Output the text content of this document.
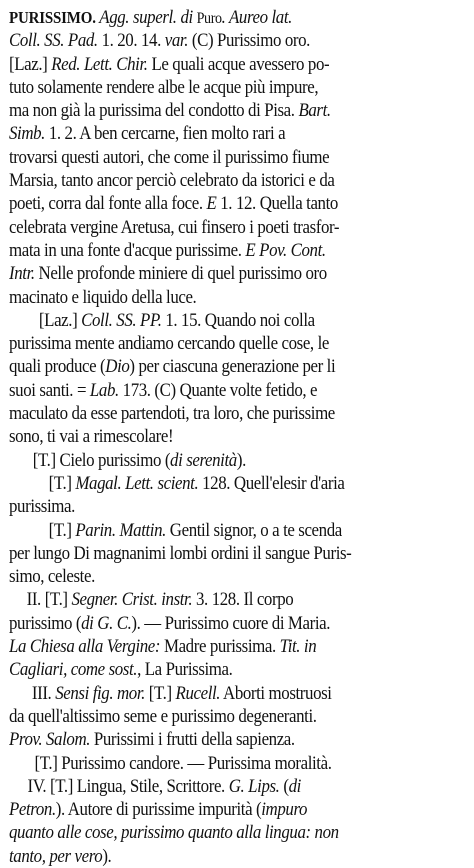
PURISSIMO. Agg. superl. di Puro. Aureo lat.
Coll. SS. Pad. 1. 20. 14. var. (C) Purissimo oro.
[Laz.] Red. Lett. Chir. Le quali acque avessero po-
tuto solamente rendere albe le acque più impure,
ma non già la purissima del condotto di Pisa. Bart.
Simb. 1. 2. A ben cercarne, fien molto rari a
trovarsi questi autori, che come il purissimo fiume
Marsia, tanto ancor perciò celebrato da istorici e da
poeti, corra dal fonte alla foce. E 1. 12. Quella tanto
celebrata vergine Aretusa, cui finsero i poeti trasfor-
mata in una fonte d'acque purissime. E Pov. Cont.
Intr. Nelle profonde miniere di quel purissimo oro
macinato e liquido della luce.
[Laz.] Coll. SS. PP. 1. 15. Quando noi colla
purissima mente andiamo cercando quelle cose, le
quali produce (Dio) per ciascuna generazione per li
suoi santi. = Lab. 173. (C) Quante volte fetido, e
maculato da esse partendoti, tra loro, che purissime
sono, ti vai a rimescolare!
[T.] Cielo purissimo (di serenità).
[T.] Magal. Lett. scient. 128. Quell'elesir d'aria
purissima.
[T.] Parin. Mattin. Gentil signor, o a te scenda
per lungo Di magnanimi lombi ordini il sangue Puris-
simo, celeste.
II. [T.] Segner. Crist. instr. 3. 128. Il corpo
purissimo (di G. C.). — Purissimo cuore di Maria.
La Chiesa alla Vergine: Madre purissima. Tit. in
Cagliari, come sost., La Purissima.
III. Sensi fig. mor. [T.] Rucell. Aborti mostruosi
da quell'altissimo seme e purissimo degeneranti.
Prov. Salom. Purissimi i frutti della sapienza.
[T.] Purissimo candore. — Purissima moralità.
IV. [T.] Lingua, Stile, Scrittore. G. Lips. (di
Petron.). Autore di purissime impurità (impuro
quanto alle cose, purissimo quanto alla lingua: non
tanto, per vero).
